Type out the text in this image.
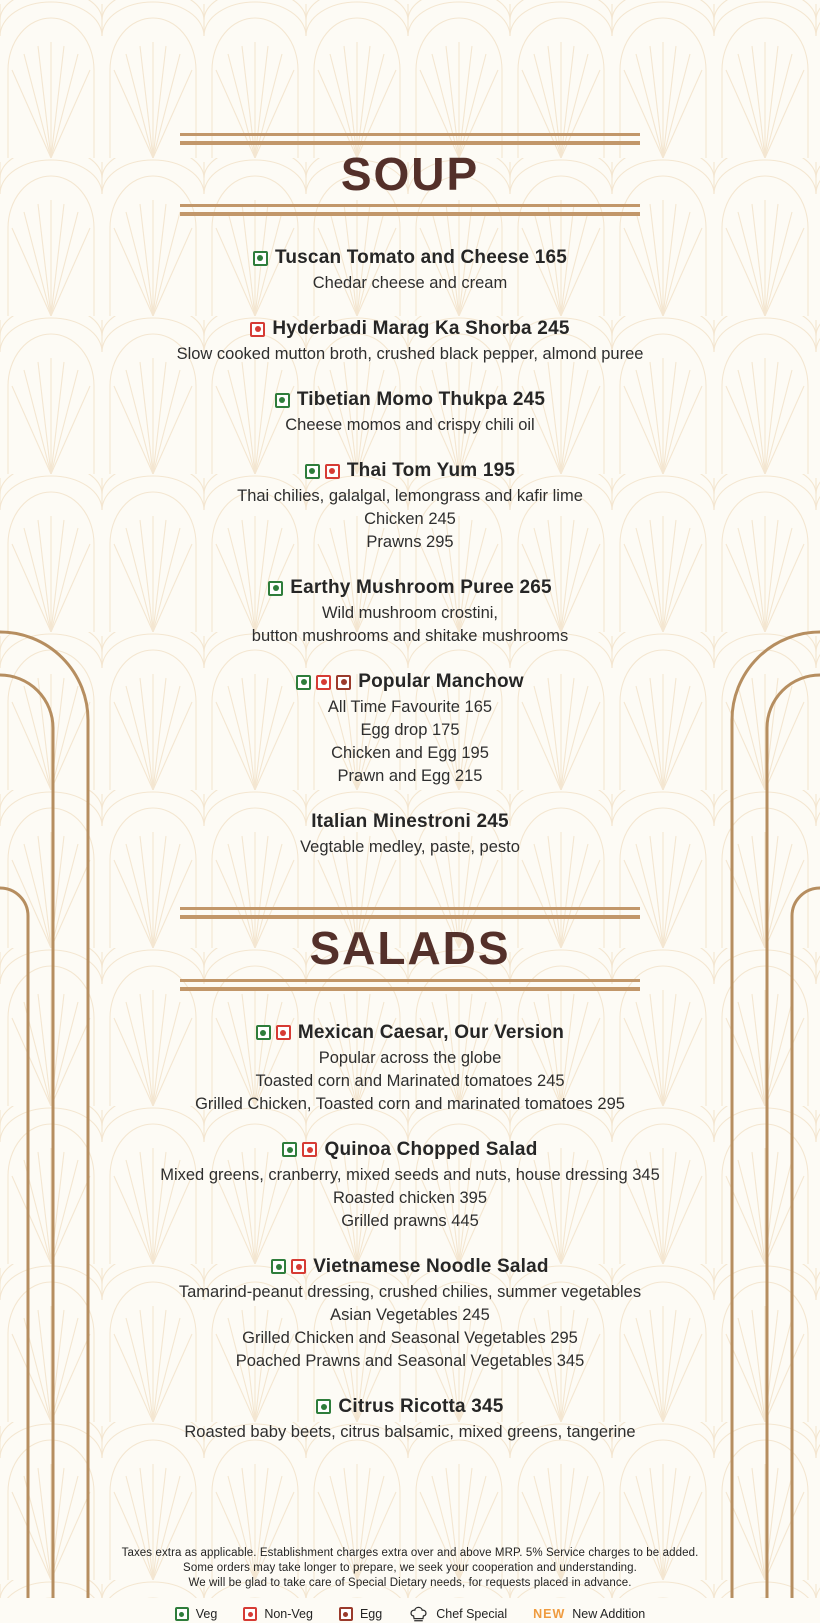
SOUP
Tuscan Tomato and Cheese 165
Chedar cheese and cream
Hyderbadi Marag Ka Shorba 245
Slow cooked mutton broth, crushed black pepper, almond puree
Tibetian Momo Thukpa 245
Cheese momos and crispy chili oil
Thai Tom Yum 195
Thai chilies, galalgal, lemongrass and kafir lime
Chicken 245
Prawns 295
Earthy Mushroom Puree 265
Wild mushroom crostini,
button mushrooms and shitake mushrooms
Popular Manchow
All Time Favourite 165
Egg drop 175
Chicken and Egg 195
Prawn and Egg 215
Italian Minestroni 245
Vegtable medley, paste, pesto
SALADS
Mexican Caesar, Our Version
Popular across the globe
Toasted corn and Marinated tomatoes 245
Grilled Chicken, Toasted corn and marinated tomatoes 295
Quinoa Chopped Salad
Mixed greens, cranberry, mixed seeds and nuts, house dressing 345
Roasted chicken 395
Grilled prawns 445
Vietnamese Noodle Salad
Tamarind-peanut dressing, crushed chilies, summer vegetables
Asian Vegetables 245
Grilled Chicken and Seasonal Vegetables 295
Poached Prawns and Seasonal Vegetables 345
Citrus Ricotta 345
Roasted baby beets, citrus balsamic, mixed greens, tangerine
Taxes extra as applicable. Establishment charges extra over and above MRP. 5% Service charges to be added.
Some orders may take longer to prepare, we seek your cooperation and understanding.
We will be glad to take care of Special Dietary needs, for requests placed in advance.
Veg	Non-Veg	Egg	Chef Special NEW New Addition
